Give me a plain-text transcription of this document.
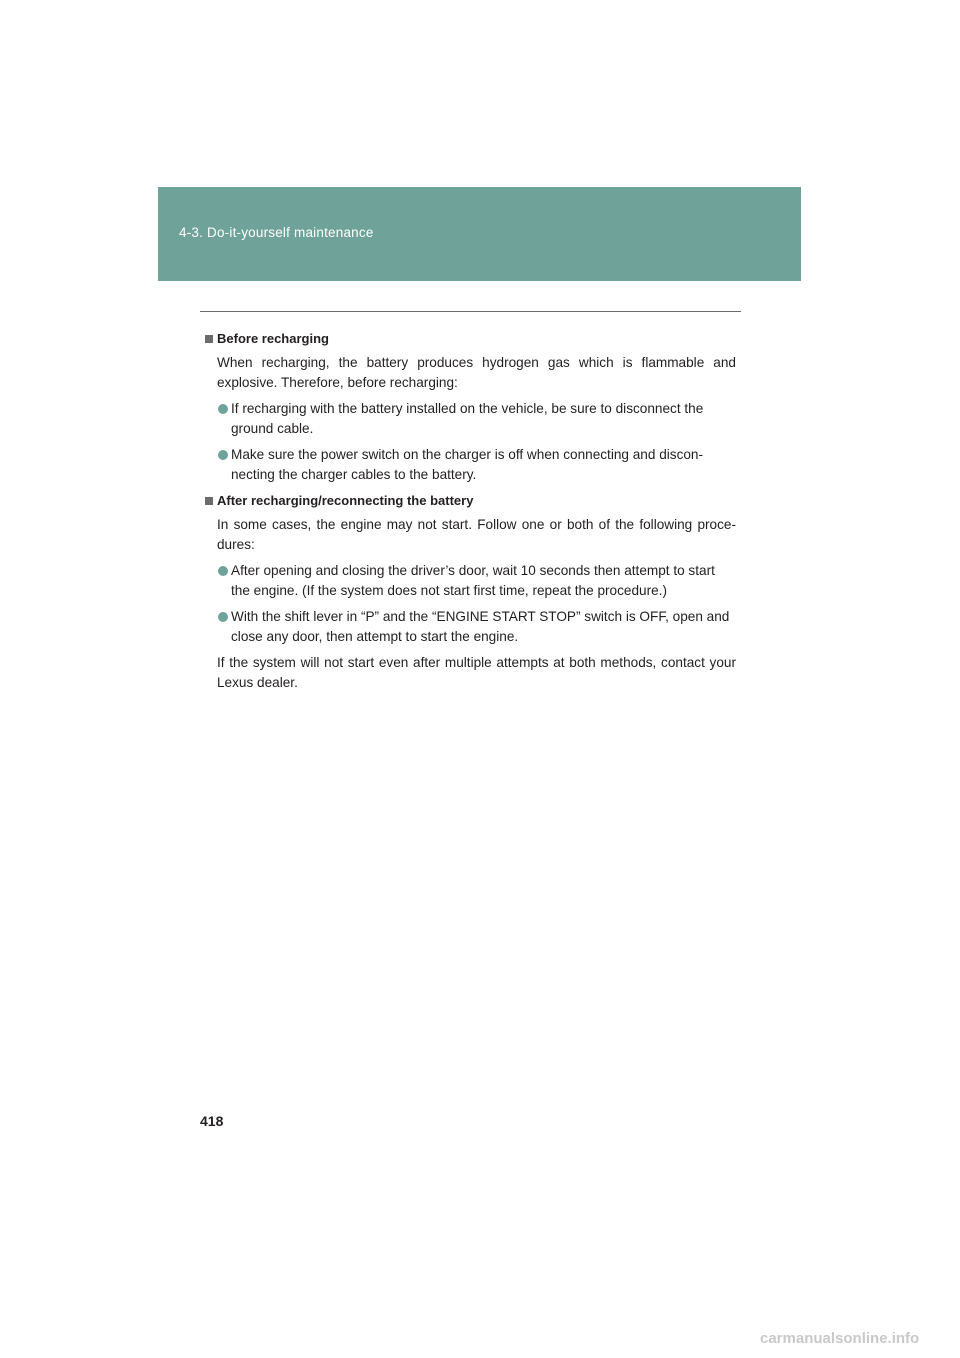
4-3. Do-it-yourself maintenance
Before recharging

When recharging, the battery produces hydrogen gas which is flammable and explosive. Therefore, before recharging:

If recharging with the battery installed on the vehicle, be sure to disconnect the ground cable.
Make sure the power switch on the charger is off when connecting and discon-necting the charger cables to the battery.
After recharging/reconnecting the battery

In some cases, the engine may not start. Follow one or both of the following proce-dures:

After opening and closing the driver’s door, wait 10 seconds then attempt to start the engine. (If the system does not start first time, repeat the procedure.)
With the shift lever in “P” and the “ENGINE START STOP” switch is OFF, open and close any door, then attempt to start the engine.

If the system will not start even after multiple attempts at both methods, contact your Lexus dealer.

418
carmanualsonline.info
